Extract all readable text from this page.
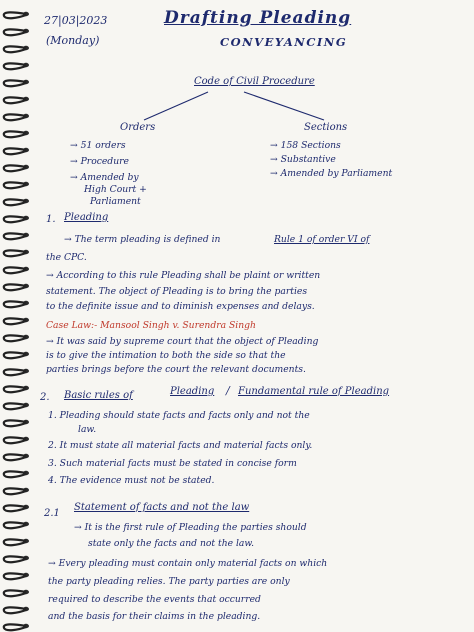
27|03|2023
(Monday)
Drafting Pleading
CONVEYANCING
Code of Civil Procedure
Orders	Sections
→ 51 orders
→ Procedure
→ Amended by
High Court +
Parliament
→ 158 Sections
→ Substantive
→ Amended by Parliament
1. Pleading
→ The term pleading is defined in	Rule 1 of order VI of
the CPC.
→ According to this rule Pleading shall be plaint or written
statement. The object of Pleading is to bring the parties
to the definite issue and to diminish expenses and delays.
Case Law:- Mansool Singh v. Surendra Singh
→ It was said by supreme court that the object of Pleading
is to give the intimation to both the side so that the
parties brings before the court the relevant documents.
2. Basic rules of	Pleading / Fundamental rule of Pleading
1. Pleading should state facts and facts only and not the
law.
2. It must state all material facts and material facts only.
3. Such material facts must be stated in concise form
4. The evidence must not be stated.
2.1
Statement of facts and not the law
→ It is the first rule of Pleading the parties should
state only the facts and not the law.
→ Every pleading must contain only material facts on which
the party pleading relies. The party parties are only
required to describe the events that occurred
and the basis for their claims in the pleading.
